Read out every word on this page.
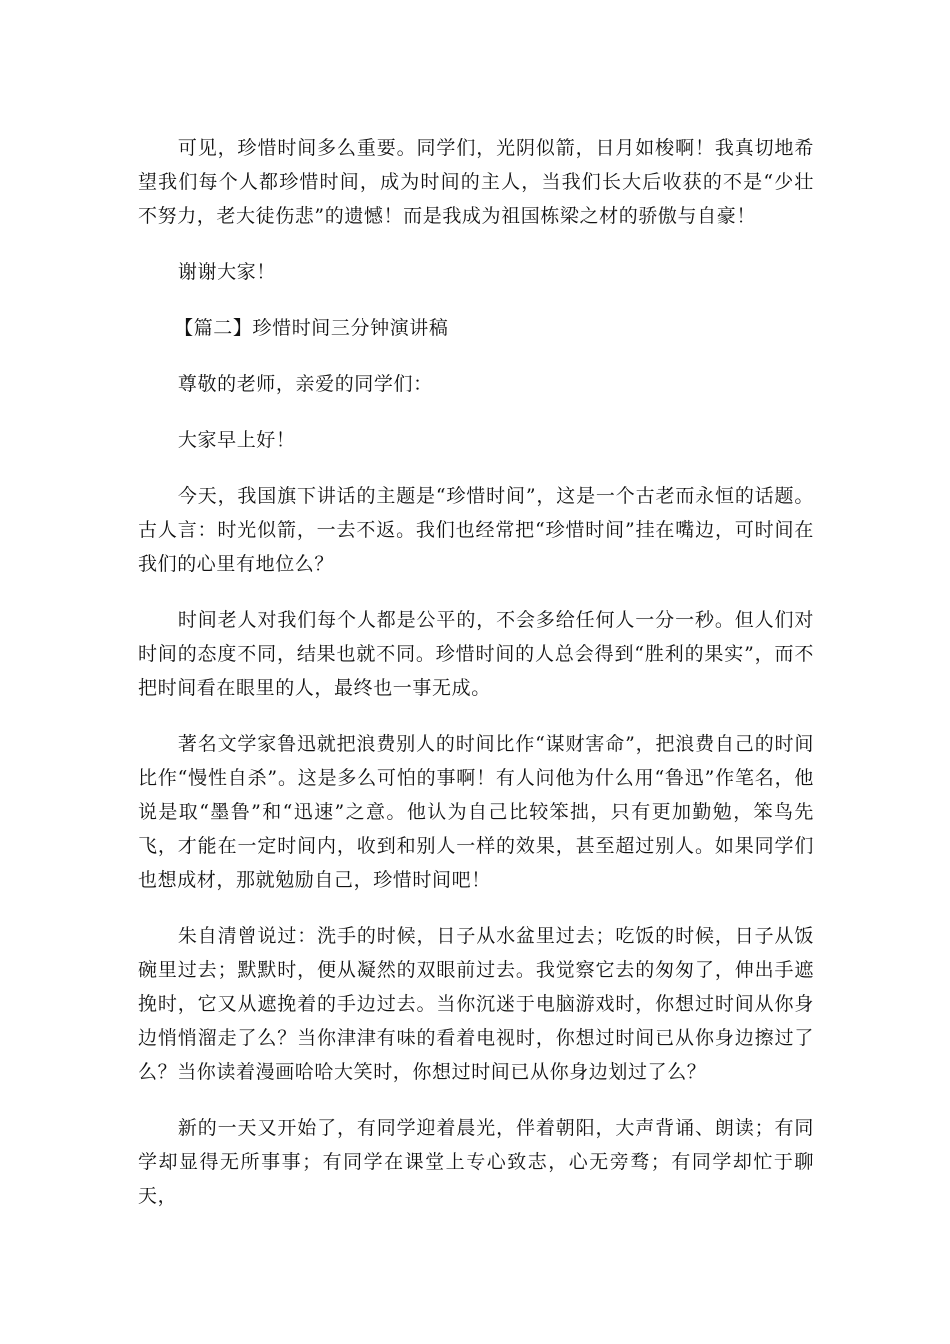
可见，珍惜时间多么重要。同学们，光阴似箭，日月如梭啊！我真切地希望我们每个人都珍惜时间，成为时间的主人，当我们长大后收获的不是“少壮不努力，老大徒伤悲”的遗憾！而是我成为祖国栋梁之材的骄傲与自豪！

谢谢大家！

【篇二】珍惜时间三分钟演讲稿

尊敬的老师，亲爱的同学们：

大家早上好！

今天，我国旗下讲话的主题是“珍惜时间”，这是一个古老而永恒的话题。古人言：时光似箭，一去不返。我们也经常把“珍惜时间”挂在嘴边，可时间在我们的心里有地位么？

时间老人对我们每个人都是公平的，不会多给任何人一分一秒。但人们对时间的态度不同，结果也就不同。珍惜时间的人总会得到“胜利的果实”，而不把时间看在眼里的人，最终也一事无成。

著名文学家鲁迅就把浪费别人的时间比作“谋财害命”，把浪费自己的时间比作“慢性自杀”。这是多么可怕的事啊！有人问他为什么用“鲁迅”作笔名，他说是取“墨鲁”和“迅速”之意。他认为自己比较笨拙，只有更加勤勉，笨鸟先飞，才能在一定时间内，收到和别人一样的效果，甚至超过别人。如果同学们也想成材，那就勉励自己，珍惜时间吧！

朱自清曾说过：洗手的时候，日子从水盆里过去；吃饭的时候，日子从饭碗里过去；默默时，便从凝然的双眼前过去。我觉察它去的匆匆了，伸出手遮挽时，它又从遮挽着的手边过去。当你沉迷于电脑游戏时，你想过时间从你身边悄悄溜走了么？当你津津有味的看着电视时，你想过时间已从你身边擦过了么？当你读着漫画哈哈大笑时，你想过时间已从你身边划过了么？

新的一天又开始了，有同学迎着晨光，伴着朝阳，大声背诵、朗读；有同学却显得无所事事；有同学在课堂上专心致志，心无旁骛；有同学却忙于聊天，
